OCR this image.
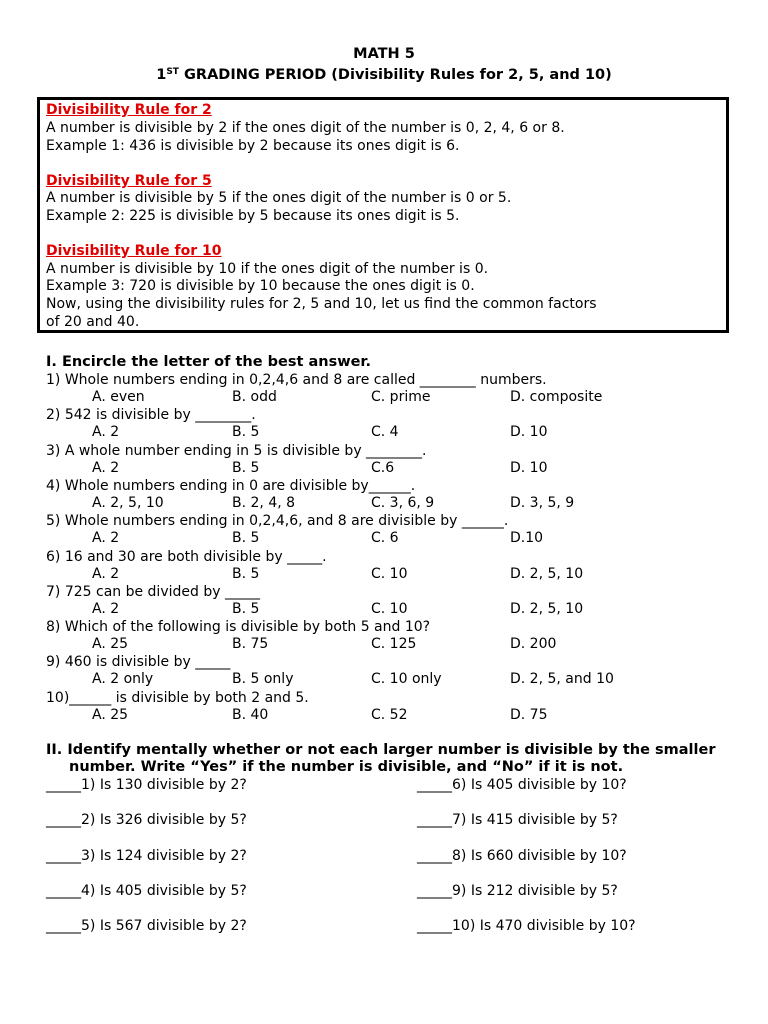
MATH 5
1ST GRADING PERIOD (Divisibility Rules for 2, 5, and 10)
Divisibility Rule for 2
A number is divisible by 2 if the ones digit of the number is 0, 2, 4, 6 or 8.
Example 1: 436 is divisible by 2 because its ones digit is 6.
Divisibility Rule for 5
A number is divisible by 5 if the ones digit of the number is 0 or 5.
Example 2: 225 is divisible by 5 because its ones digit is 5.
Divisibility Rule for 10
A number is divisible by 10 if the ones digit of the number is 0.
Example 3: 720 is divisible by 10 because the ones digit is 0.
Now, using the divisibility rules for 2, 5 and 10, let us find the common factors
of 20 and 40.
I. Encircle the letter of the best answer.
1) Whole numbers ending in 0,2,4,6 and 8 are called ________ numbers.
A. even	B. odd	C. prime	D. composite
2) 542 is divisible by ________.
A. 2	B. 5	C. 4	D. 10
3) A whole number ending in 5 is divisible by ________.
A. 2	B. 5	C.6	D. 10
4) Whole numbers ending in 0 are divisible by______.
A. 2, 5, 10	B. 2, 4, 8	C. 3, 6, 9	D. 3, 5, 9
5) Whole numbers ending in 0,2,4,6, and 8 are divisible by ______.
A. 2	B. 5	C. 6	D.10
6) 16 and 30 are both divisible by _____.
A. 2	B. 5	C. 10	D. 2, 5, 10
7) 725 can be divided by _____
A. 2	B. 5	C. 10	D. 2, 5, 10
8) Which of the following is divisible by both 5 and 10?
A. 25	B. 75	C. 125	D. 200
9) 460 is divisible by _____
A. 2 only	B. 5 only	C. 10 only	D. 2, 5, and 10
10)______ is divisible by both 2 and 5.
A. 25	B. 40	C. 52	D. 75
II. Identify mentally whether or not each larger number is divisible by the smaller
number. Write “Yes” if the number is divisible, and “No” if it is not.
_____1) Is 130 divisible by 2?
_____2) Is 326 divisible by 5?
_____3) Is 124 divisible by 2?
_____4) Is 405 divisible by 5?
_____5) Is 567 divisible by 2?
_____6) Is 405 divisible by 10?
_____7) Is 415 divisible by 5?
_____8) Is 660 divisible by 10?
_____9) Is 212 divisible by 5?
_____10) Is 470 divisible by 10?
